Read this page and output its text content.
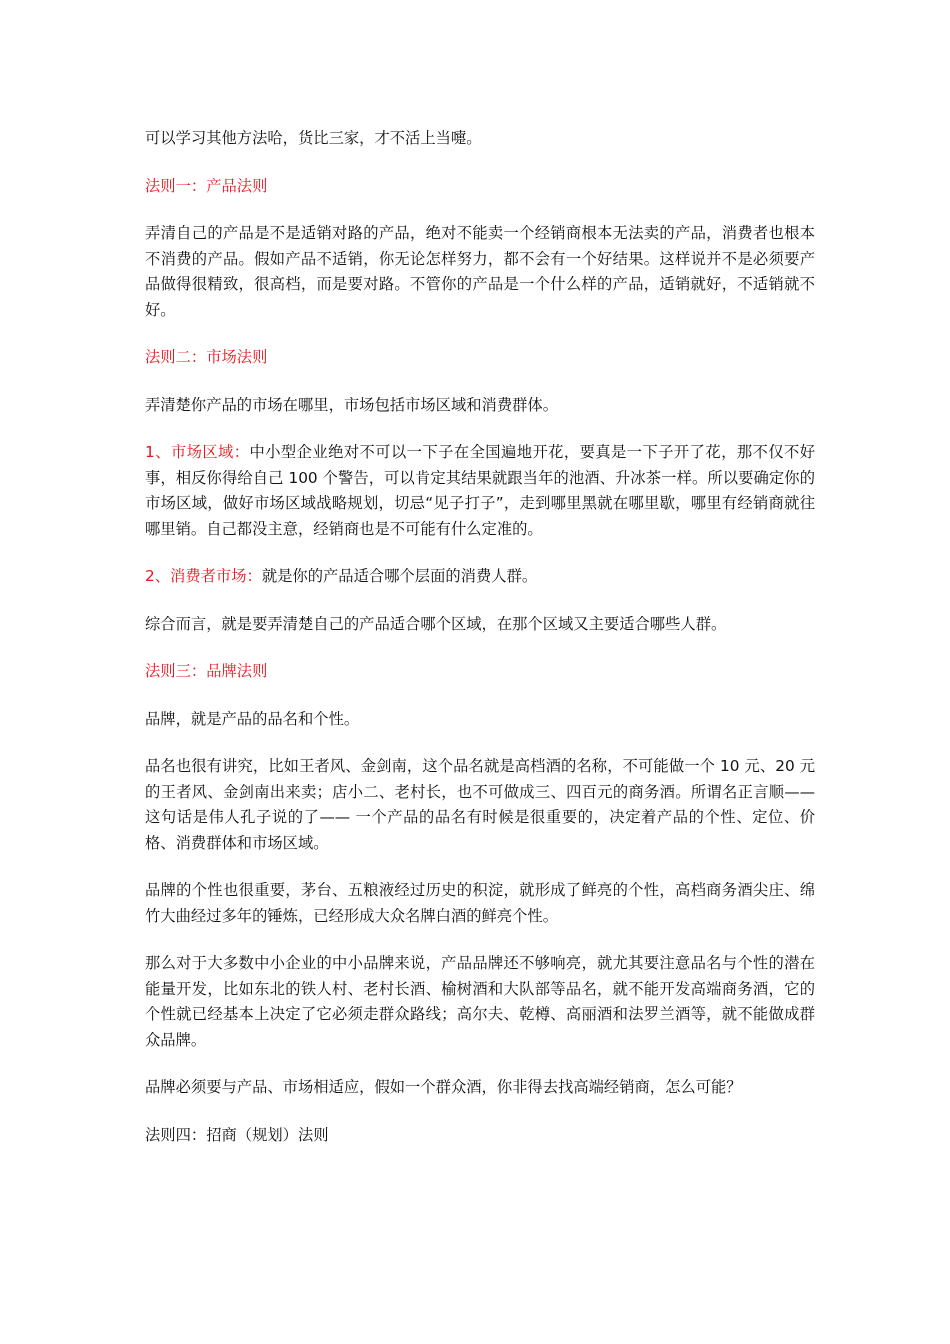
可以学习其他方法哈，货比三家，才不活上当嚏。

法则一：产品法则

弄清自己的产品是不是适销对路的产品，绝对不能卖一个经销商根本无法卖的产品，消费者也根本不消费的产品。假如产品不适销，你无论怎样努力，都不会有一个好结果。这样说并不是必须要产品做得很精致，很高档，而是要对路。不管你的产品是一个什么样的产品，适销就好，不适销就不好。

法则二：市场法则

弄清楚你产品的市场在哪里，市场包括市场区域和消费群体。

1、市场区域：中小型企业绝对不可以一下子在全国遍地开花，要真是一下子开了花，那不仅不好事，相反你得给自己 100 个警告，可以肯定其结果就跟当年的池酒、升冰茶一样。所以要确定你的市场区域，做好市场区域战略规划，切忌“见子打子”，走到哪里黑就在哪里歇，哪里有经销商就往哪里销。自己都没主意，经销商也是不可能有什么定准的。

2、消费者市场：就是你的产品适合哪个层面的消费人群。

综合而言，就是要弄清楚自己的产品适合哪个区域，在那个区域又主要适合哪些人群。

法则三：品牌法则

品牌，就是产品的品名和个性。

品名也很有讲究，比如王者风、金剑南，这个品名就是高档酒的名称，不可能做一个 10 元、20 元的王者风、金剑南出来卖；店小二、老村长，也不可做成三、四百元的商务酒。所谓名正言顺——这句话是伟人孔子说的了—— 一个产品的品名有时候是很重要的，决定着产品的个性、定位、价格、消费群体和市场区域。

品牌的个性也很重要，茅台、五粮液经过历史的积淀，就形成了鲜亮的个性，高档商务酒尖庄、绵竹大曲经过多年的锤炼，已经形成大众名牌白酒的鲜亮个性。

那么对于大多数中小企业的中小品牌来说，产品品牌还不够响亮，就尤其要注意品名与个性的潜在能量开发，比如东北的铁人村、老村长酒、榆树酒和大队部等品名，就不能开发高端商务酒，它的个性就已经基本上决定了它必须走群众路线；高尔夫、乾樽、高丽酒和法罗兰酒等，就不能做成群众品牌。

品牌必须要与产品、市场相适应，假如一个群众酒，你非得去找高端经销商，怎么可能？

法则四：招商（规划）法则
